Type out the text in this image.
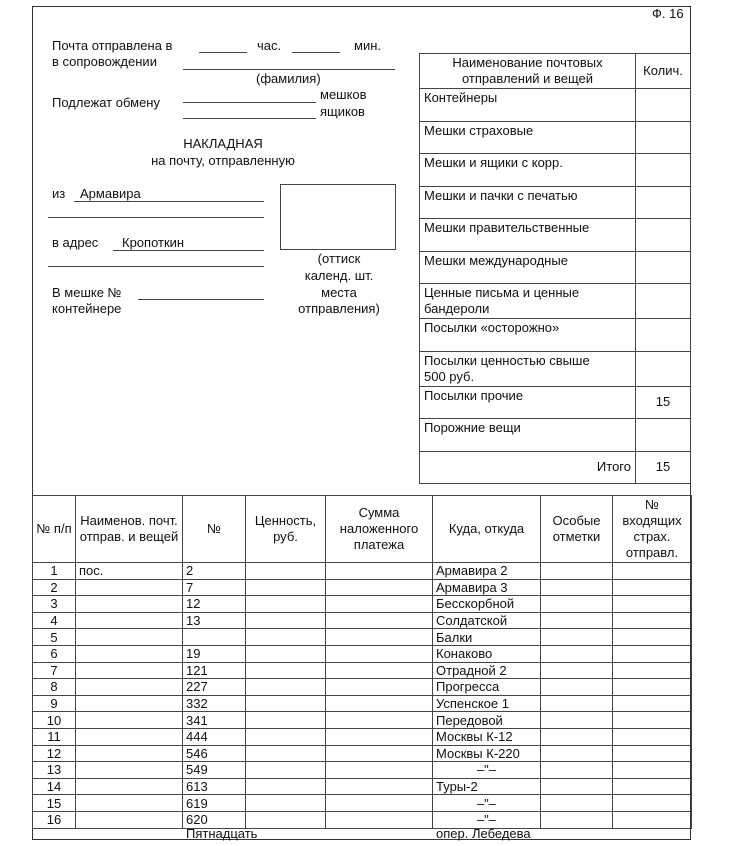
Ф. 16
Почта отправлена в	час.	мин.
в сопровождении
(фамилия)
Подлежат обмену
мешков
ящиков
НАКЛАДНАЯ
на почту, отправленную
из Армавира
в адрес Кропоткин
В мешке №
контейнере
(оттиск
календ. шт.
места
отправления)
Наименование почтовых
отправлений и вещей	Колич.

Контейнеры	

Мешки страховые	

Мешки и ящики с корр.	

Мешки и пачки с печатью	

Мешки правительственные	

Мешки международные	

Ценные письма и ценные
бандероли	

Посылки «осторожно»	

Посылки ценностью свыше
500 руб.	

Посылки прочие	15

Порожние вещи	

Итого	15
№ п/п	Наименов. почт. отправ. и вещей	№	Ценность, руб.	Сумма наложенного платежа	Куда, откуда	Особые отметки	№ входящих страх. отправл.
1	пос.	2			Армавира 2		
2		7			Армавира 3		
3		12			Бесскорбной		
4		13			Солдатской		
5					Балки		
6		19			Конаково		
7		121			Отрадной 2		
8		227			Прогресса		
9		332			Успенское 1		
10		341			Передовой		
11		444			Москвы К-12		
12		546			Москвы К-220		
13		549			–"–		
14		613			Туры-2		
15		619			–"–		
16		620			–"–		
Пятнадцать	опер. Лебедева
